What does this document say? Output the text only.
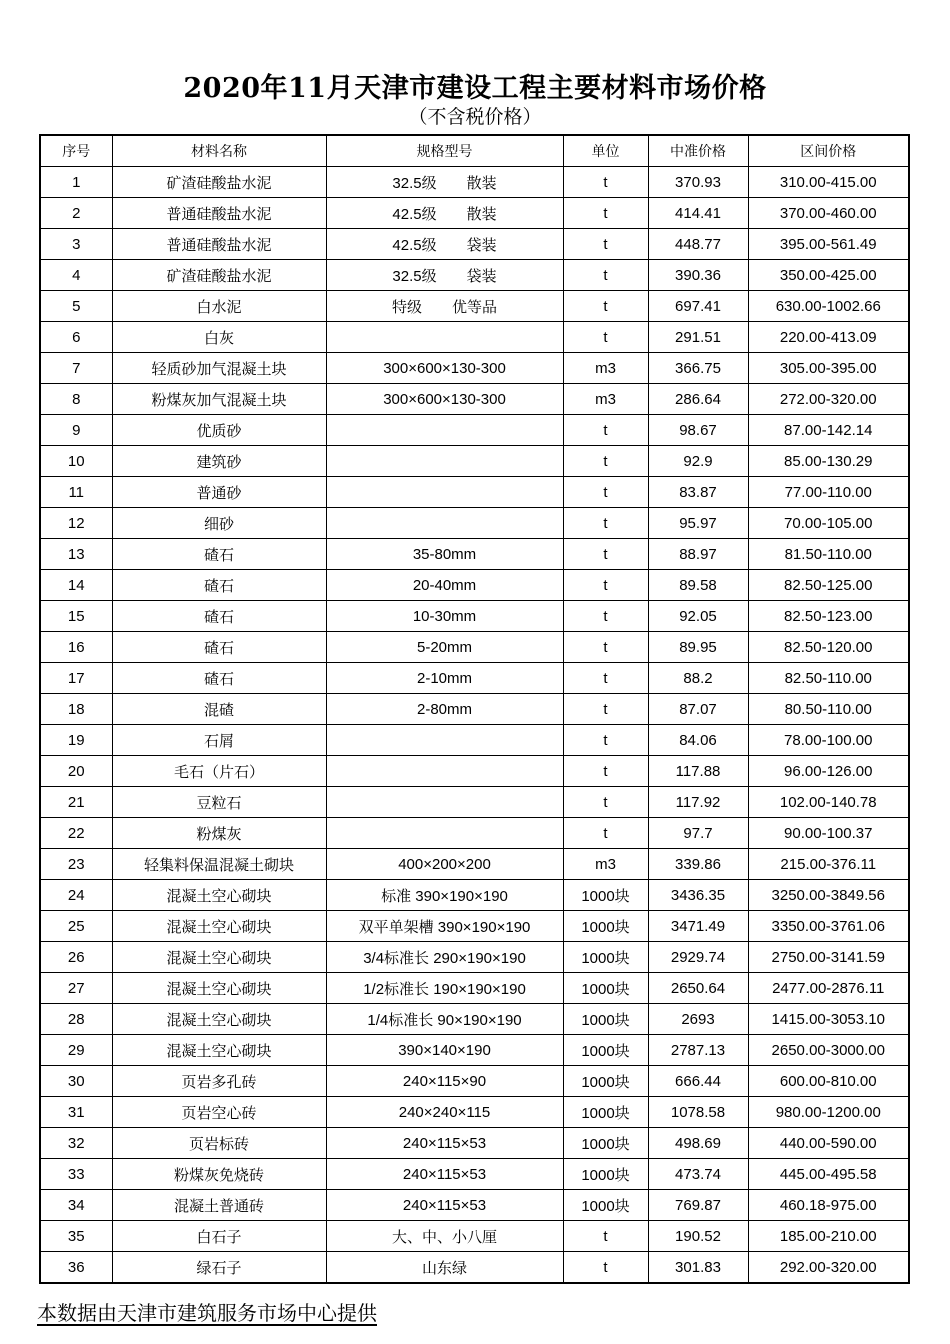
2020年11月天津市建设工程主要材料市场价格
（不含税价格）
序号	材料名称	规格型号	单位	中准价格	区间价格
1	矿渣硅酸盐水泥	32.5级　　散装	t	370.93	310.00-415.00
2	普通硅酸盐水泥	42.5级　　散装	t	414.41	370.00-460.00
3	普通硅酸盐水泥	42.5级　　袋装	t	448.77	395.00-561.49
4	矿渣硅酸盐水泥	32.5级　　袋装	t	390.36	350.00-425.00
5	白水泥	特级　　优等品	t	697.41	630.00-1002.66
6	白灰		t	291.51	220.00-413.09
7	轻质砂加气混凝土块	300×600×130-300	m3	366.75	305.00-395.00
8	粉煤灰加气混凝土块	300×600×130-300	m3	286.64	272.00-320.00
9	优质砂		t	98.67	87.00-142.14
10	建筑砂		t	92.9	85.00-130.29
11	普通砂		t	83.87	77.00-110.00
12	细砂		t	95.97	70.00-105.00
13	碴石	35-80mm	t	88.97	81.50-110.00
14	碴石	20-40mm	t	89.58	82.50-125.00
15	碴石	10-30mm	t	92.05	82.50-123.00
16	碴石	5-20mm	t	89.95	82.50-120.00
17	碴石	2-10mm	t	88.2	82.50-110.00
18	混碴	2-80mm	t	87.07	80.50-110.00
19	石屑		t	84.06	78.00-100.00
20	毛石（片石）		t	117.88	96.00-126.00
21	豆粒石		t	117.92	102.00-140.78
22	粉煤灰		t	97.7	90.00-100.37
23	轻集料保温混凝土砌块	400×200×200	m3	339.86	215.00-376.11
24	混凝土空心砌块	标准 390×190×190	1000块	3436.35	3250.00-3849.56
25	混凝土空心砌块	双平单架槽 390×190×190	1000块	3471.49	3350.00-3761.06
26	混凝土空心砌块	3/4标准长 290×190×190	1000块	2929.74	2750.00-3141.59
27	混凝土空心砌块	1/2标准长 190×190×190	1000块	2650.64	2477.00-2876.11
28	混凝土空心砌块	1/4标准长 90×190×190	1000块	2693	1415.00-3053.10
29	混凝土空心砌块	390×140×190	1000块	2787.13	2650.00-3000.00
30	页岩多孔砖	240×115×90	1000块	666.44	600.00-810.00
31	页岩空心砖	240×240×115	1000块	1078.58	980.00-1200.00
32	页岩标砖	240×115×53	1000块	498.69	440.00-590.00
33	粉煤灰免烧砖	240×115×53	1000块	473.74	445.00-495.58
34	混凝土普通砖	240×115×53	1000块	769.87	460.18-975.00
35	白石子	大、中、小八厘	t	190.52	185.00-210.00
36	绿石子	山东绿	t	301.83	292.00-320.00
本数据由天津市建筑服务市场中心提供
